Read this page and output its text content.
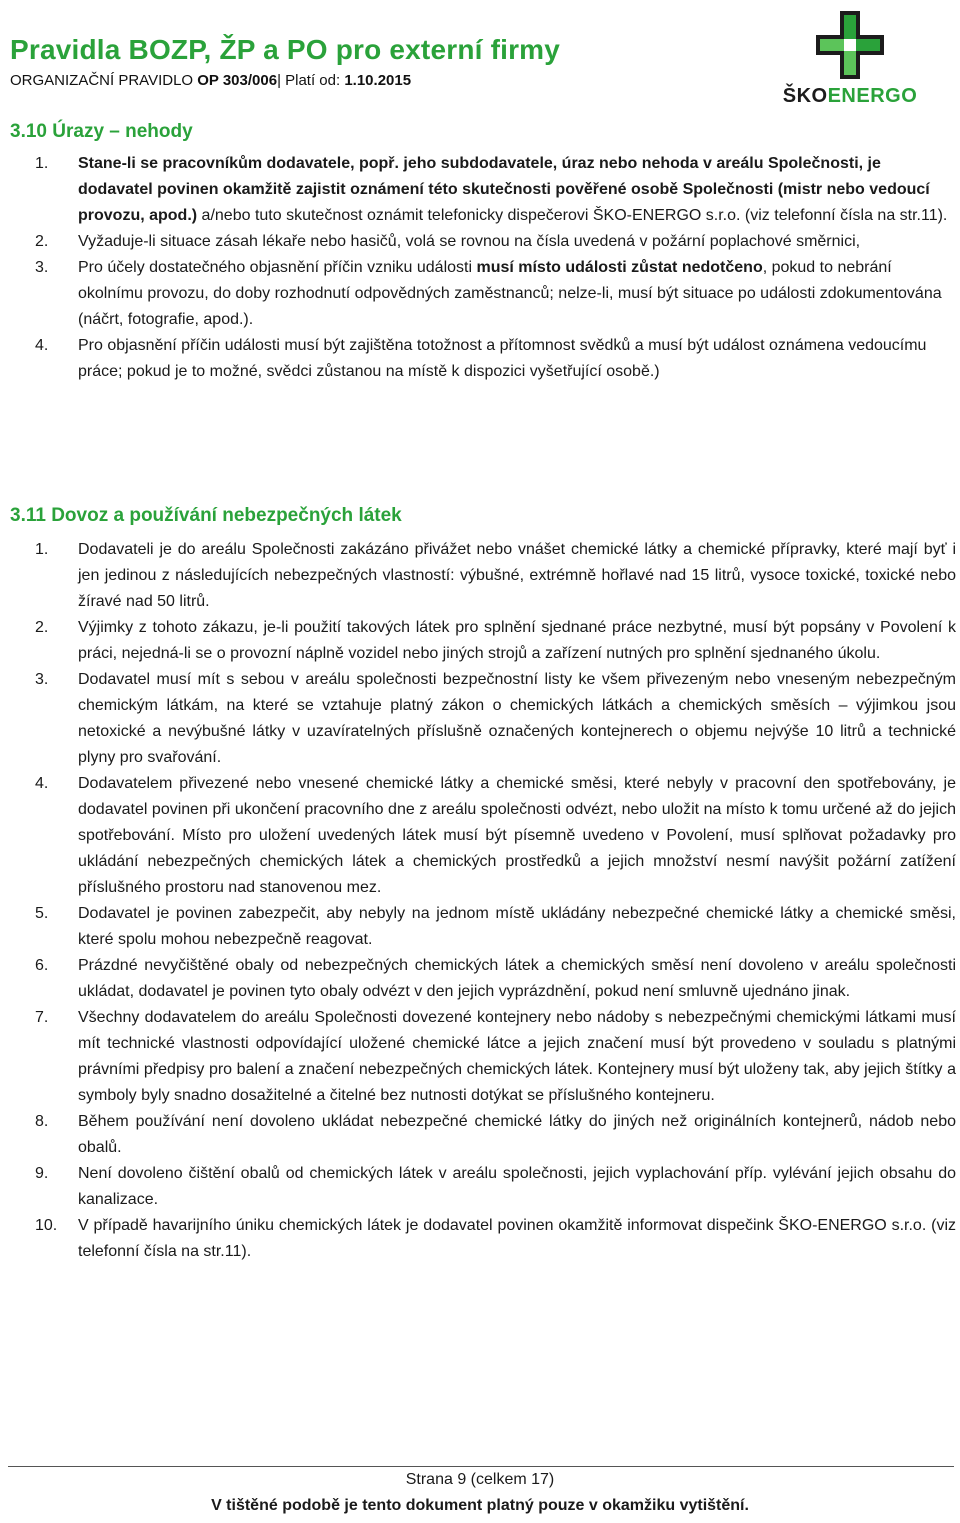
Pravidla BOZP, ŽP a PO pro externí firmy
ORGANIZAČNÍ PRAVIDLO OP 303/006| Platí od: 1.10.2015
ŠKOENERGO
3.10 Úrazy – nehody
1. Stane-li se pracovníkům dodavatele, popř. jeho subdodavatele, úraz nebo nehoda v areálu Společnosti, je dodavatel povinen okamžitě zajistit oznámení této skutečnosti pověřené osobě Společnosti (mistr nebo vedoucí provozu, apod.) a/nebo tuto skutečnost oznámit telefonicky dispečerovi ŠKO-ENERGO s.r.o. (viz telefonní čísla na str.11).
2. Vyžaduje-li situace zásah lékaře nebo hasičů, volá se rovnou na čísla uvedená v požární poplachové směrnici,
3. Pro účely dostatečného objasnění příčin vzniku události musí místo události zůstat nedotčeno, pokud to nebrání okolnímu provozu, do doby rozhodnutí odpovědných zaměstnanců; nelze-li, musí být situace po události zdokumentována (náčrt, fotografie, apod.).
4. Pro objasnění příčin události musí být zajištěna totožnost a přítomnost svědků a musí být událost oznámena vedoucímu práce; pokud je to možné, svědci zůstanou na místě k dispozici vyšetřující osobě.)
3.11 Dovoz a používání nebezpečných látek
1. Dodavateli je do areálu Společnosti zakázáno přivážet nebo vnášet chemické látky a chemické přípravky, které mají byť i jen jedinou z následujících nebezpečných vlastností: výbušné, extrémně hořlavé nad 15 litrů, vysoce toxické, toxické nebo žíravé nad 50 litrů.
2. Výjimky z tohoto zákazu, je-li použití takových látek pro splnění sjednané práce nezbytné, musí být popsány v Povolení k práci, nejedná-li se o provozní náplně vozidel nebo jiných strojů a zařízení nutných pro splnění sjednaného úkolu.
3. Dodavatel musí mít s sebou v areálu společnosti bezpečnostní listy ke všem přivezeným nebo vneseným nebezpečným chemickým látkám, na které se vztahuje platný zákon o chemických látkách a chemických směsích – výjimkou jsou netoxické a nevýbušné látky v uzavíratelných příslušně označených kontejnerech o objemu nejvýše 10 litrů a technické plyny pro svařování.
4. Dodavatelem přivezené nebo vnesené chemické látky a chemické směsi, které nebyly v pracovní den spotřebovány, je dodavatel povinen při ukončení pracovního dne z areálu společnosti odvézt, nebo uložit na místo k tomu určené až do jejich spotřebování. Místo pro uložení uvedených látek musí být písemně uvedeno v Povolení, musí splňovat požadavky pro ukládání nebezpečných chemických látek a chemických prostředků a jejich množství nesmí navýšit požární zatížení příslušného prostoru nad stanovenou mez.
5. Dodavatel je povinen zabezpečit, aby nebyly na jednom místě ukládány nebezpečné chemické látky a chemické směsi, které spolu mohou nebezpečně reagovat.
6. Prázdné nevyčištěné obaly od nebezpečných chemických látek a chemických směsí není dovoleno v areálu společnosti ukládat, dodavatel je povinen tyto obaly odvézt v den jejich vyprázdnění, pokud není smluvně ujednáno jinak.
7. Všechny dodavatelem do areálu Společnosti dovezené kontejnery nebo nádoby s nebezpečnými chemickými látkami musí mít technické vlastnosti odpovídající uložené chemické látce a jejich značení musí být provedeno v souladu s platnými právními předpisy pro balení a značení nebezpečných chemických látek. Kontejnery musí být uloženy tak, aby jejich štítky a symboly byly snadno dosažitelné a čitelné bez nutnosti dotýkat se příslušného kontejneru.
8. Během používání není dovoleno ukládat nebezpečné chemické látky do jiných než originálních kontejnerů, nádob nebo obalů.
9. Není dovoleno čištění obalů od chemických látek v areálu společnosti, jejich vyplachování příp. vylévání jejich obsahu do kanalizace.
10. V případě havarijního úniku chemických látek je dodavatel povinen okamžitě informovat dispečink ŠKO-ENERGO s.r.o. (viz telefonní čísla na str.11).
Strana 9 (celkem 17)
V tištěné podobě je tento dokument platný pouze v okamžiku vytištění.
